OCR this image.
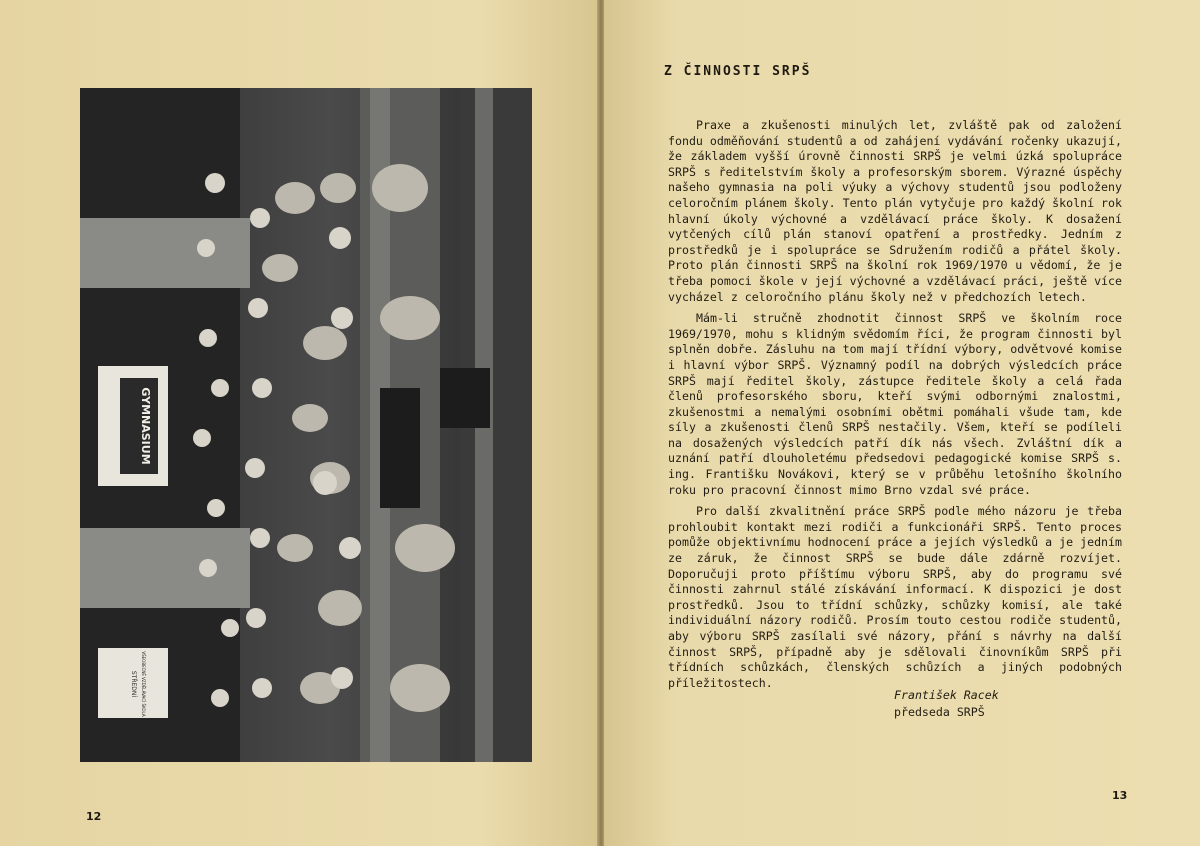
GYMNASIUM
STŘEDNÍ VŠEOBECNĚ VZDĚLÁVACÍ ŠKOLA
12
Z ČINNOSTI SRPŠ

Praxe a zkušenosti minulých let, zvláště pak od založení fondu odměňování studentů a od zahájení vydávání ročenky ukazují, že základem vyšší úrovně činnosti SRPŠ je velmi úzká spolupráce SRPŠ s ředitelstvím školy a profesorským sborem. Výrazné úspěchy našeho gymnasia na poli výuky a výchovy studentů jsou podloženy celoročním plánem školy. Tento plán vytyčuje pro každý školní rok hlavní úkoly výchovné a vzdělávací práce školy. K dosažení vytčených cílů plán stanoví opatření a prostředky. Jedním z prostředků je i spolupráce se Sdružením rodičů a přátel školy. Proto plán činnosti SRPŠ na školní rok 1969/1970 u vědomí, že je třeba pomoci škole v její výchovné a vzdělávací práci, ještě více vycházel z celoročního plánu školy než v předchozích letech.

Mám-li stručně zhodnotit činnost SRPŠ ve školním roce 1969/1970, mohu s klidným svědomím říci, že program činnosti byl splněn dobře. Zásluhu na tom mají třídní výbory, odvětvové komise i hlavní výbor SRPŠ. Významný podíl na dobrých výsledcích práce SRPŠ mají ředitel školy, zástupce ředitele školy a celá řada členů profesorského sboru, kteří svými odbornými znalostmi, zkušenostmi a nemalými osobními obětmi pomáhali všude tam, kde síly a zkušenosti členů SRPŠ nestačily. Všem, kteří se podíleli na dosažených výsledcích patří dík nás všech. Zvláštní dík a uznání patří dlouholetému předsedovi pedagogické komise SRPŠ s. ing. Františku Novákovi, který se v průběhu letošního školního roku pro pracovní činnost mimo Brno vzdal své práce.

Pro další zkvalitnění práce SRPŠ podle mého názoru je třeba prohloubit kontakt mezi rodiči a funkcionáři SRPŠ. Tento proces pomůže objektivnímu hodnocení práce a jejích výsledků a je jedním ze záruk, že činnost SRPŠ se bude dále zdárně rozvíjet. Doporučuji proto příštímu výboru SRPŠ, aby do programu své činnosti zahrnul stálé získávání informací. K dispozici je dost prostředků. Jsou to třídní schůzky, schůzky komisí, ale také individuální názory rodičů. Prosím touto cestou rodiče studentů, aby výboru SRPŠ zasílali své názory, přání s návrhy na další činnost SRPŠ, případně aby je sdělovali činovníkům SRPŠ při třídních schůzkách, členských schůzích a jiných podobných příležitostech.

František Racek
předseda SRPŠ
13
